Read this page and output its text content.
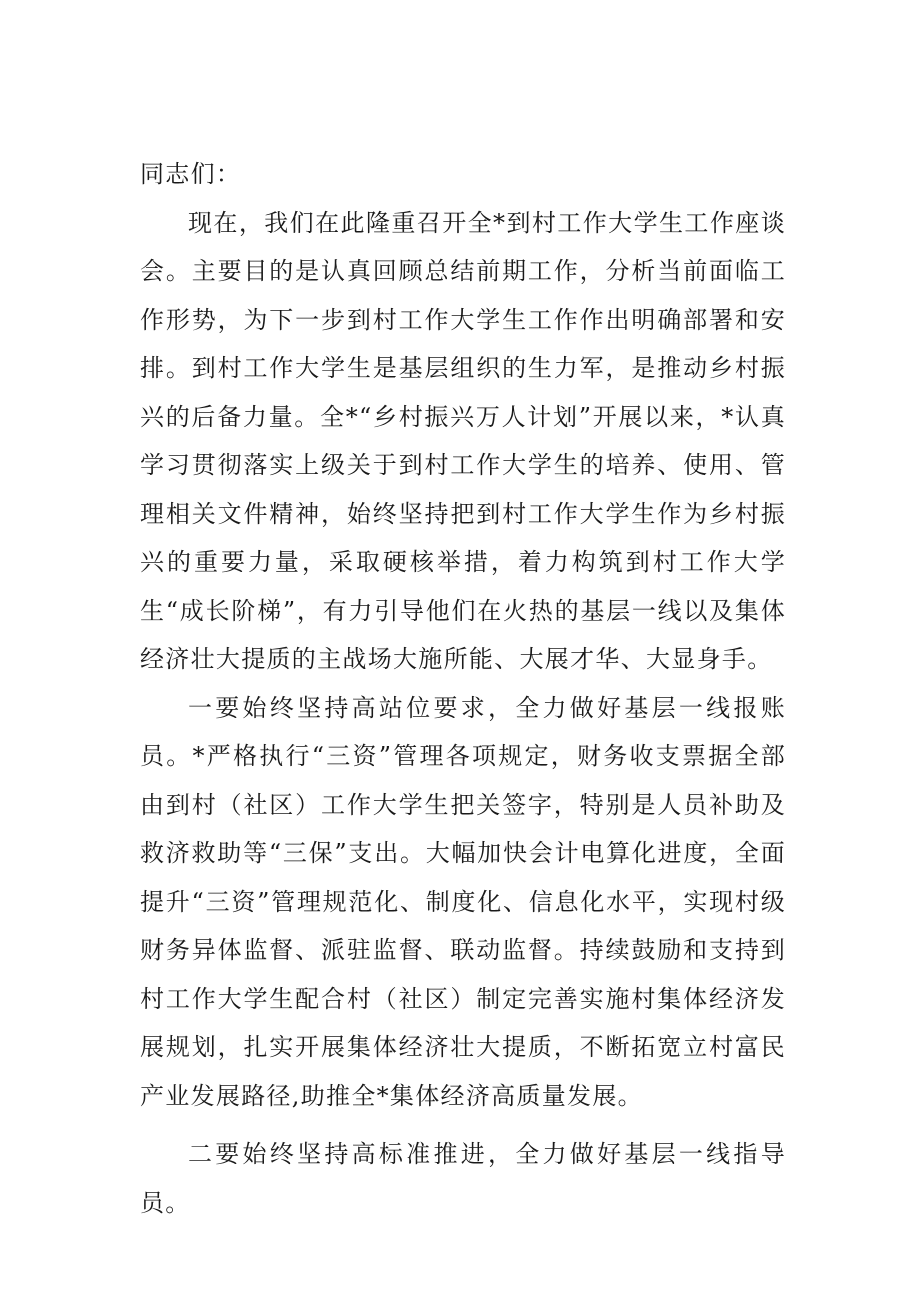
同志们：

现在，我们在此隆重召开全*到村工作大学生工作座谈会。主要目的是认真回顾总结前期工作，分析当前面临工作形势，为下一步到村工作大学生工作作出明确部署和安排。到村工作大学生是基层组织的生力军，是推动乡村振兴的后备力量。全*“乡村振兴万人计划”开展以来，*认真学习贯彻落实上级关于到村工作大学生的培养、使用、管理相关文件精神，始终坚持把到村工作大学生作为乡村振兴的重要力量，采取硬核举措，着力构筑到村工作大学生“成长阶梯”，有力引导他们在火热的基层一线以及集体经济壮大提质的主战场大施所能、大展才华、大显身手。

一要始终坚持高站位要求，全力做好基层一线报账员。*严格执行“三资”管理各项规定，财务收支票据全部由到村（社区）工作大学生把关签字，特别是人员补助及救济救助等“三保”支出。大幅加快会计电算化进度，全面提升“三资”管理规范化、制度化、信息化水平，实现村级财务异体监督、派驻监督、联动监督。持续鼓励和支持到村工作大学生配合村（社区）制定完善实施村集体经济发展规划，扎实开展集体经济壮大提质，不断拓宽立村富民产业发展路径,助推全*集体经济高质量发展。

二要始终坚持高标准推进，全力做好基层一线指导员。
